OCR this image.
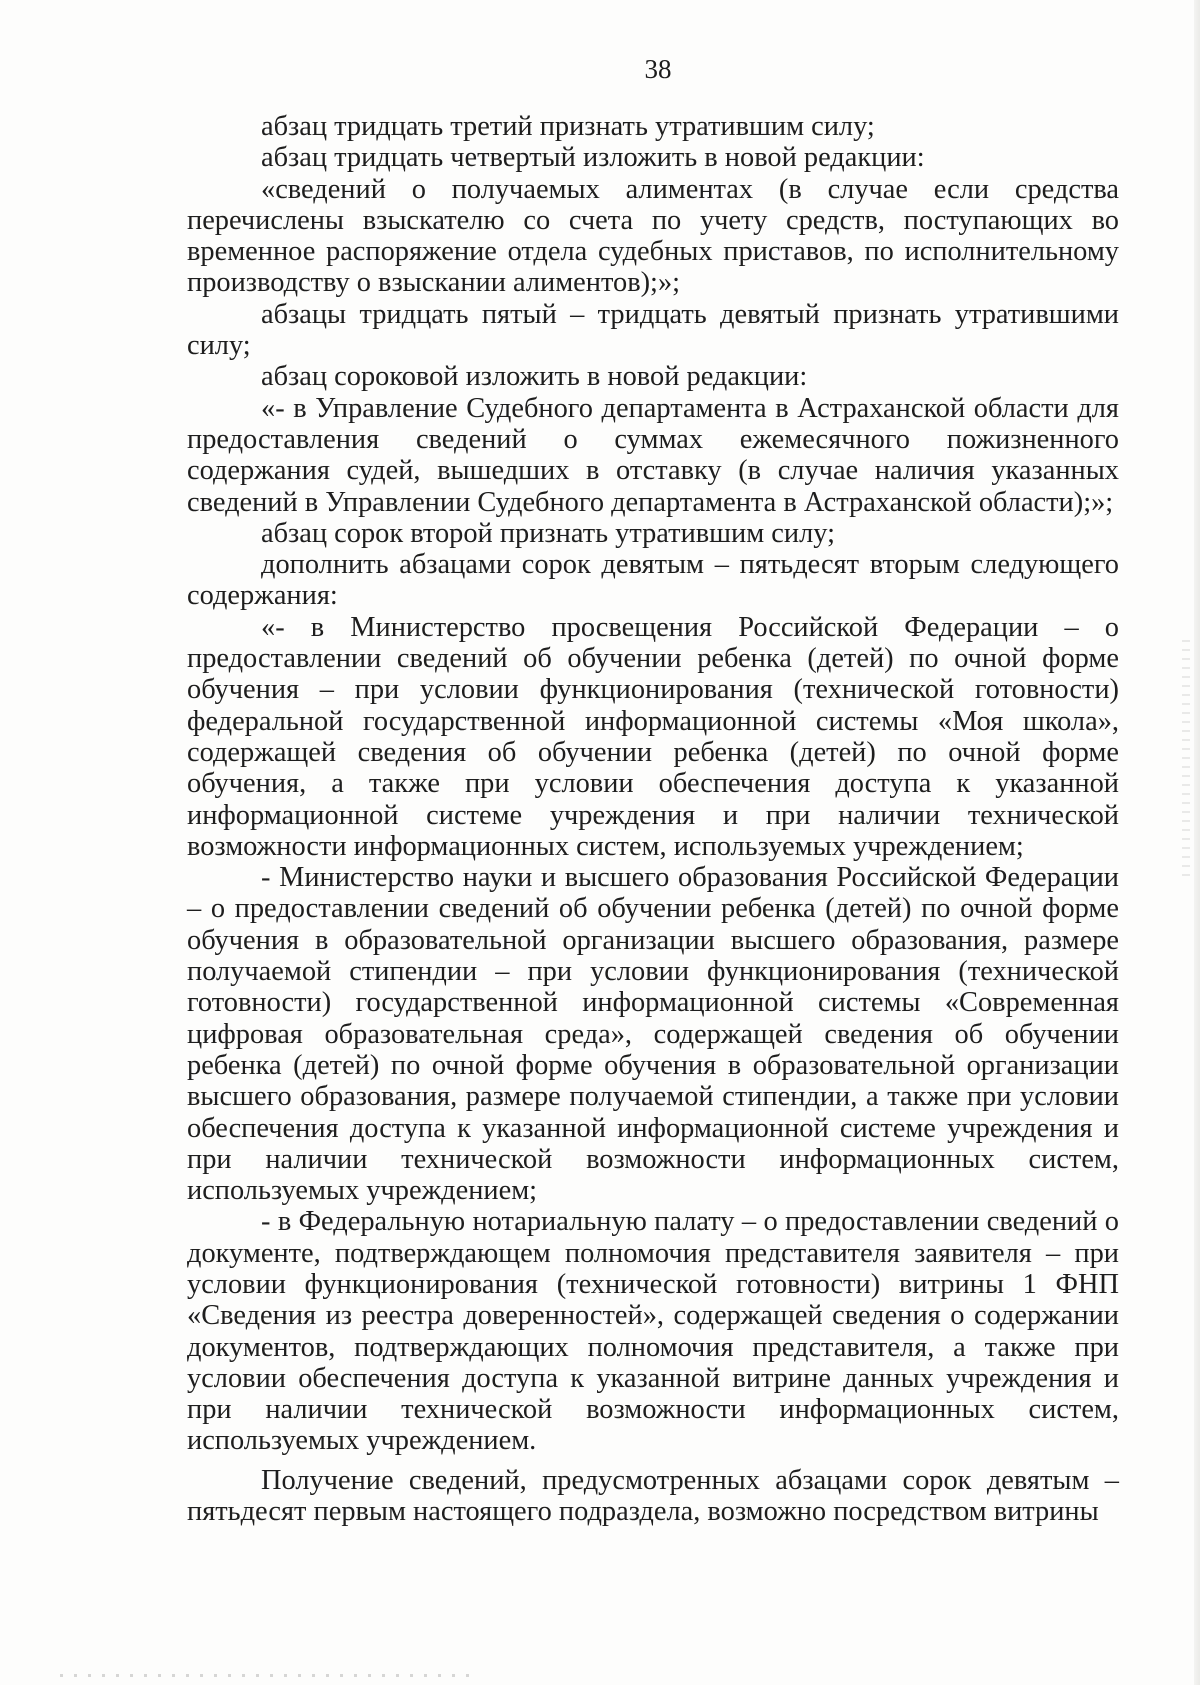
38

абзац тридцать третий признать утратившим силу;

абзац тридцать четвертый изложить в новой редакции:

«сведений о получаемых алиментах (в случае если средства перечислены взыскателю со счета по учету средств, поступающих во временное распоряжение отдела судебных приставов, по исполнительному производству о взыскании алиментов);»;

абзацы тридцать пятый – тридцать девятый признать утратившими силу;

абзац сороковой изложить в новой редакции:

«- в Управление Судебного департамента в Астраханской области для предоставления сведений о суммах ежемесячного пожизненного содержания судей, вышедших в отставку (в случае наличия указанных сведений в Управлении Судебного департамента в Астраханской области);»;

абзац сорок второй признать утратившим силу;

дополнить абзацами сорок девятым – пятьдесят вторым следующего содержания:

«- в Министерство просвещения Российской Федерации – о предоставлении сведений об обучении ребенка (детей) по очной форме обучения – при условии функционирования (технической готовности) федеральной государственной информационной системы «Моя школа», содержащей сведения об обучении ребенка (детей) по очной форме обучения, а также при условии обеспечения доступа к указанной информационной системе учреждения и при наличии технической возможности информационных систем, используемых учреждением;

- Министерство науки и высшего образования Российской Федерации – о предоставлении сведений об обучении ребенка (детей) по очной форме обучения в образовательной организации высшего образования, размере получаемой стипендии – при условии функционирования (технической готовности) государственной информационной системы «Современная цифровая образовательная среда», содержащей сведения об обучении ребенка (детей) по очной форме обучения в образовательной организации высшего образования, размере получаемой стипендии, а также при условии обеспечения доступа к указанной информационной системе учреждения и при наличии технической возможности информационных систем, используемых учреждением;

- в Федеральную нотариальную палату – о предоставлении сведений о документе, подтверждающем полномочия представителя заявителя – при условии функционирования (технической готовности) витрины 1 ФНП «Сведения из реестра доверенностей», содержащей сведения о содержании документов, подтверждающих полномочия представителя, а также при условии обеспечения доступа к указанной витрине данных учреждения и при наличии технической возможности информационных систем, используемых учреждением.

Получение сведений, предусмотренных абзацами сорок девятым – пятьдесят первым настоящего подраздела, возможно посредством витрины
